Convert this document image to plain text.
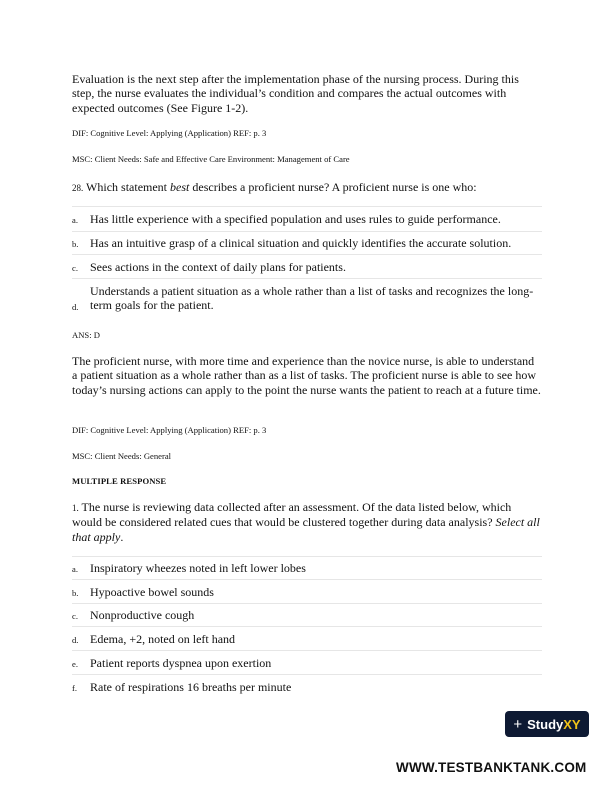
Evaluation is the next step after the implementation phase of the nursing process. During this step, the nurse evaluates the individual’s condition and compares the actual outcomes with expected outcomes (See Figure 1-2).
DIF: Cognitive Level: Applying (Application) REF: p. 3
MSC: Client Needs: Safe and Effective Care Environment: Management of Care
28. Which statement best describes a proficient nurse? A proficient nurse is one who:
a. Has little experience with a specified population and uses rules to guide performance.
b. Has an intuitive grasp of a clinical situation and quickly identifies the accurate solution.
c. Sees actions in the context of daily plans for patients.
d.
Understands a patient situation as a whole rather than a list of tasks and recognizes the long-term goals for the patient.
ANS: D
The proficient nurse, with more time and experience than the novice nurse, is able to understand a patient situation as a whole rather than as a list of tasks. The proficient nurse is able to see how today’s nursing actions can apply to the point the nurse wants the patient to reach at a future time.
DIF: Cognitive Level: Applying (Application) REF: p. 3
MSC: Client Needs: General
MULTIPLE RESPONSE
1. The nurse is reviewing data collected after an assessment. Of the data listed below, which would be considered related cues that would be clustered together during data analysis? Select all that apply.
a. Inspiratory wheezes noted in left lower lobes
b. Hypoactive bowel sounds
c. Nonproductive cough
d. Edema, +2, noted on left hand
e. Patient reports dyspnea upon exertion
f. Rate of respirations 16 breaths per minute
+ Study XY
WWW.TESTBANKTANK.COM
